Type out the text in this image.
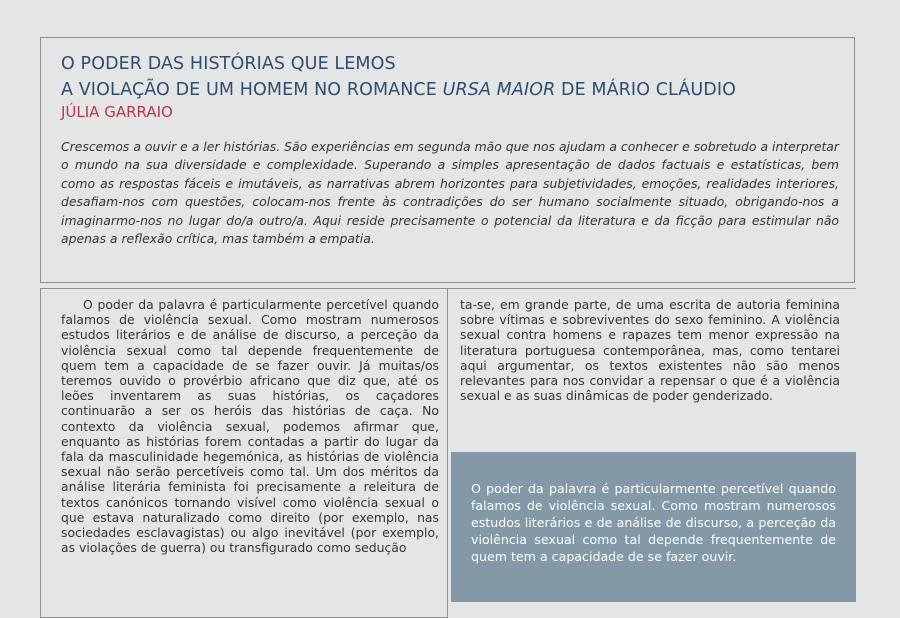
O PODER DAS HISTÓRIAS QUE LEMOS
A VIOLAÇÃO DE UM HOMEM NO ROMANCE URSA MAIOR DE MÁRIO CLÁUDIO
JÚLIA GARRAIO
Crescemos a ouvir e a ler histórias. São experiências em segunda mão que nos ajudam a conhecer e sobretudo a interpretar o mundo na sua diversidade e complexidade. Superando a simples apresentação de dados factuais e estatísticas, bem como as respostas fáceis e imutáveis, as narrativas abrem horizontes para subjetividades, emoções, realidades interiores, desafiam-nos com questões, colocam-nos frente às contradições do ser humano socialmente situado, obrigando-nos a imaginarmo-nos no lugar do/a outro/a. Aqui reside precisamente o potencial da literatura e da ficção para estimular não apenas a reflexão crítica, mas também a empatia.
O poder da palavra é particularmente percetível quando falamos de violência sexual. Como mostram numerosos estudos literários e de análise de discurso, a perceção da violência sexual como tal depende frequentemente de quem tem a capacidade de se fazer ouvir. Já muitas/os teremos ouvido o provérbio africano que diz que, até os leões inventarem as suas histórias, os caçadores continuarão a ser os heróis das histórias de caça. No contexto da violência sexual, podemos afirmar que, enquanto as histórias forem contadas a partir do lugar da fala da masculinidade hegemónica, as histórias de violência sexual não serão percetíveis como tal. Um dos méritos da análise literária feminista foi precisamente a releitura de textos canónicos tornando visível como violência sexual o que estava naturalizado como direito (por exemplo, nas sociedades esclavagistas) ou algo inevitável (por exemplo, as violações de guerra) ou transfigurado como sedução
ta-se, em grande parte, de uma escrita de autoria feminina sobre vítimas e sobreviventes do sexo feminino. A violência sexual contra homens e rapazes tem menor expressão na literatura portuguesa contemporânea, mas, como tentarei aqui argumentar, os textos existentes não são menos relevantes para nos convidar a repensar o que é a violência sexual e as suas dinâmicas de poder genderizado.
O poder da palavra é particularmente percetível quando falamos de violência sexual. Como mostram numerosos estudos literários e de análise de discurso, a perceção da violência sexual como tal depende frequentemente de quem tem a capacidade de se fazer ouvir.
